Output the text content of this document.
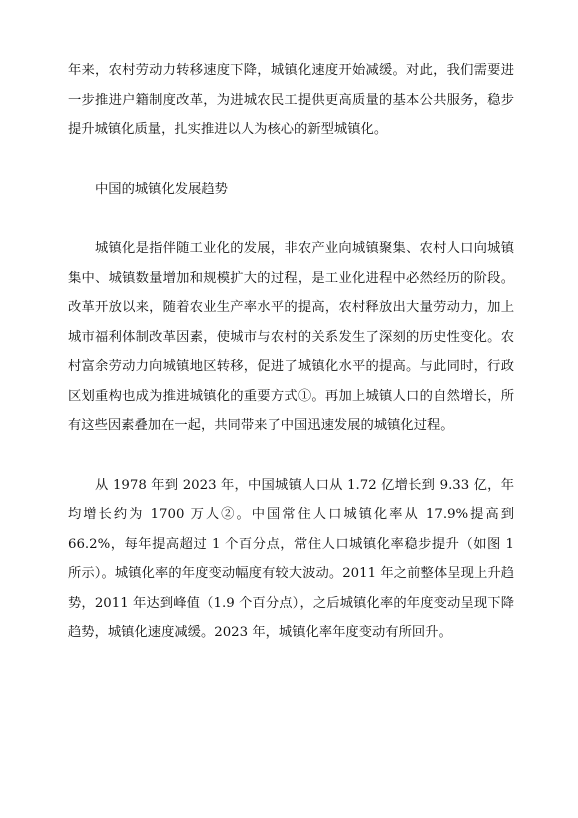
年来，农村劳动力转移速度下降，城镇化速度开始减缓。对此，我们需要进一步推进户籍制度改革，为进城农民工提供更高质量的基本公共服务，稳步提升城镇化质量，扎实推进以人为核心的新型城镇化。

中国的城镇化发展趋势

城镇化是指伴随工业化的发展，非农产业向城镇聚集、农村人口向城镇集中、城镇数量增加和规模扩大的过程，是工业化进程中必然经历的阶段。改革开放以来，随着农业生产率水平的提高，农村释放出大量劳动力，加上城市福利体制改革因素，使城市与农村的关系发生了深刻的历史性变化。农村富余劳动力向城镇地区转移，促进了城镇化水平的提高。与此同时，行政区划重构也成为推进城镇化的重要方式①。再加上城镇人口的自然增长，所有这些因素叠加在一起，共同带来了中国迅速发展的城镇化过程。

从 1978 年到 2023 年，中国城镇人口从 1.72 亿增长到 9.33 亿，年均增长约为 1700 万人②。中国常住人口城镇化率从 17.9%提高到 66.2%，每年提高超过 1 个百分点，常住人口城镇化率稳步提升（如图 1 所示）。城镇化率的年度变动幅度有较大波动。2011 年之前整体呈现上升趋势，2011 年达到峰值（1.9 个百分点），之后城镇化率的年度变动呈现下降趋势，城镇化速度减缓。2023 年，城镇化率年度变动有所回升。
